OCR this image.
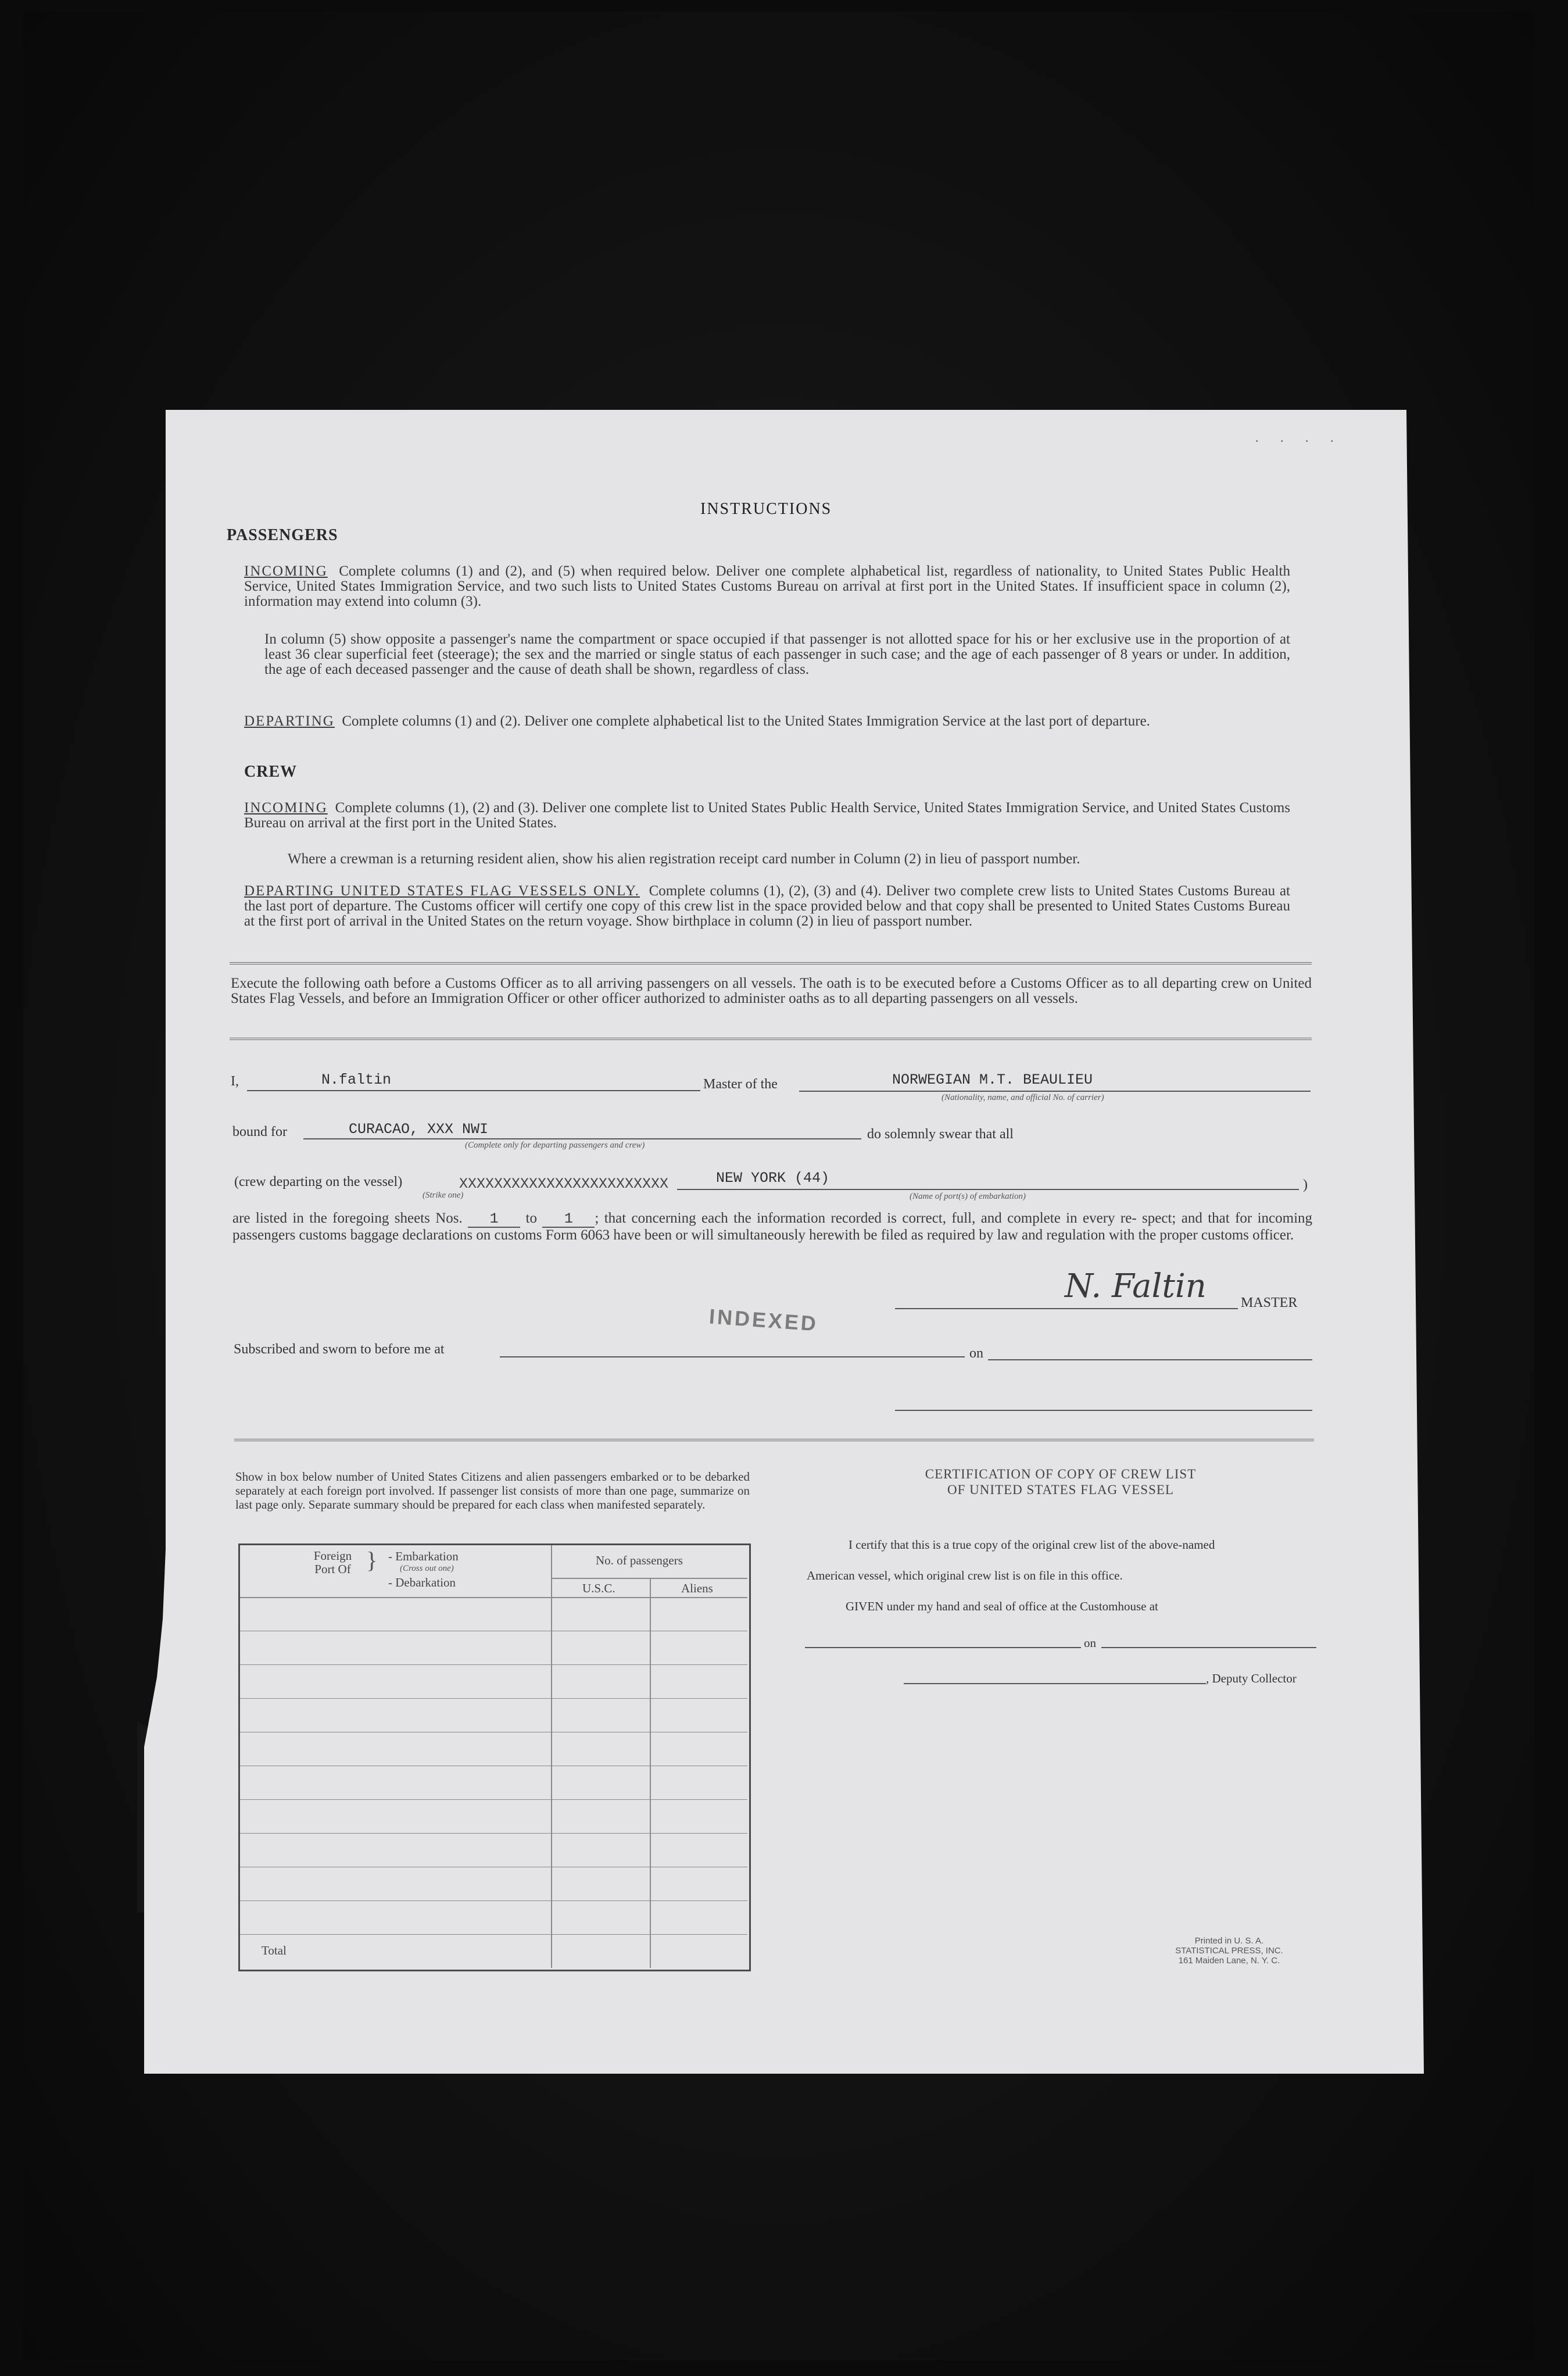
. . . .
INSTRUCTIONS
PASSENGERS
INCOMING Complete columns (1) and (2), and (5) when required below. Deliver one complete alphabetical list, regardless of nationality, to United States Public Health Service, United States Immigration Service, and two such lists to United States Customs Bureau on arrival at first port in the United States. If insufficient space in column (2), information may extend into column (3).
In column (5) show opposite a passenger's name the compartment or space occupied if that passenger is not allotted space for his or her exclusive use in the proportion of at least 36 clear superficial feet (steerage); the sex and the married or single status of each passenger in such case; and the age of each passenger of 8 years or under. In addition, the age of each deceased passenger and the cause of death shall be shown, regardless of class.
DEPARTING Complete columns (1) and (2). Deliver one complete alphabetical list to the United States Immigration Service at the last port of departure.
CREW
INCOMING Complete columns (1), (2) and (3). Deliver one complete list to United States Public Health Service, United States Immigration Service, and United States Customs Bureau on arrival at the first port in the United States.
Where a crewman is a returning resident alien, show his alien registration receipt card number in Column (2) in lieu of passport number.
DEPARTING UNITED STATES FLAG VESSELS ONLY. Complete columns (1), (2), (3) and (4). Deliver two complete crew lists to United States Customs Bureau at the last port of departure. The Customs officer will certify one copy of this crew list in the space provided below and that copy shall be presented to United States Customs Bureau at the first port of arrival in the United States on the return voyage. Show birthplace in column (2) in lieu of passport number.
Execute the following oath before a Customs Officer as to all arriving passengers on all vessels. The oath is to be executed before a Customs Officer as to all departing crew on United States Flag Vessels, and before an Immigration Officer or other officer authorized to administer oaths as to all departing passengers on all vessels.
I,	N.faltin	Master of the	NORWEGIAN M.T. BEAULIEU
(Nationality, name, and official No. of carrier)
bound for	CURACAO, XXX NWI
(Complete only for departing passengers and crew)
do solemnly swear that all
(crew departing on the vessel)	XXXXXXXXXXXXXXXXXXXXXXXX
(Strike one)
NEW YORK (44)
(Name of port(s) of embarkation)
)
are listed in the foregoing sheets Nos. 1 to 1 ; that concerning each the information recorded is correct, full, and complete in every re- spect; and that for incoming passengers customs baggage declarations on customs Form 6063 have been or will simultaneously herewith be filed as required by law and regulation with the proper customs officer.
N. Faltin MASTER
INDEXED
Subscribed and sworn to before me at	on
Show in box below number of United States Citizens and alien passengers embarked or to be debarked separately at each foreign port involved. If passenger list consists of more than one page, summarize on last page only. Separate summary should be prepared for each class when manifested separately.
Foreign Port Of } - Embarkation
(Cross out one)
- Debarkation
No. of passengers
U.S.C.	Aliens
Total
CERTIFICATION OF COPY OF CREW LIST
OF UNITED STATES FLAG VESSEL
I certify that this is a true copy of the original crew list of the above-named
American vessel, which original crew list is on file in this office.
GIVEN under my hand and seal of office at the Customhouse at
on
, Deputy Collector
Printed in U. S. A.
STATISTICAL PRESS, INC.
161 Maiden Lane, N. Y. C.
